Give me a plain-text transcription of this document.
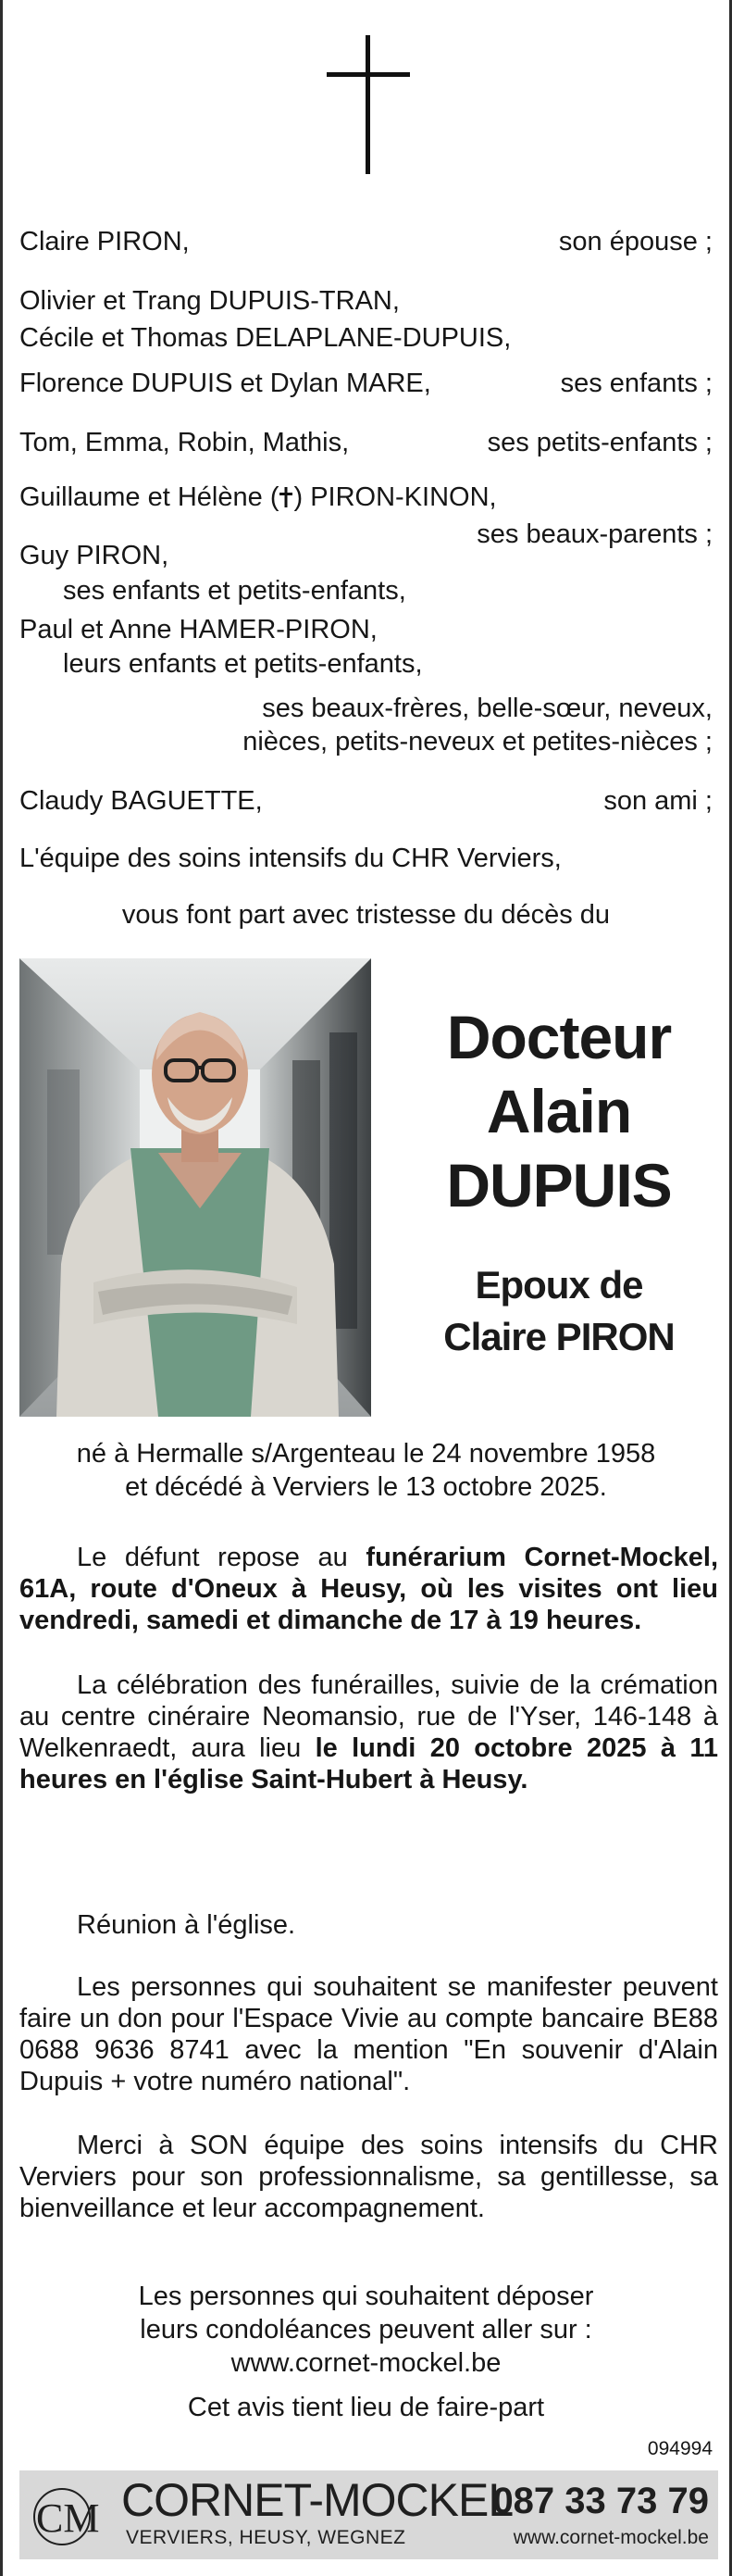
Claire PIRON,	son épouse ;
Olivier et Trang DUPUIS-TRAN,
Cécile et Thomas DELAPLANE-DUPUIS,
Florence DUPUIS et Dylan MARE,	ses enfants ;
Tom, Emma, Robin, Mathis,	ses petits-enfants ;
Guillaume et Hélène ( ) PIRON-KINON,
ses beaux-parents ;
Guy PIRON,
ses enfants et petits-enfants,
Paul et Anne HAMER-PIRON,
leurs enfants et petits-enfants,
ses beaux-frères, belle-sœur, neveux,
nièces, petits-neveux et petites-nièces ;
Claudy BAGUETTE,	son ami ;
L'équipe des soins intensifs du CHR Verviers,
vous font part avec tristesse du décès du
Docteur
Alain
DUPUIS
Epoux de
Claire PIRON
né à Hermalle s/Argenteau le 24 novembre 1958
et décédé à Verviers le 13 octobre 2025.
Le défunt repose au funérarium Cornet-Mockel, 61A, route d'Oneux à Heusy, où les visites ont lieu vendredi, samedi et dimanche de 17 à 19 heures.
La célébration des funérailles, suivie de la crémation au centre cinéraire Neomansio, rue de l'Yser, 146-148 à Welkenraedt, aura lieu le lundi 20 octobre 2025 à 11 heures en l'église Saint-Hubert à Heusy.
Réunion à l'église.
Les personnes qui souhaitent se manifester peuvent faire un don pour l'Espace Vivie au compte bancaire BE88 0688 9636 8741 avec la mention "En souvenir d'Alain Dupuis + votre numéro national".
Merci à SON équipe des soins intensifs du CHR Verviers pour son professionnalisme, sa gentillesse, sa bienveillance et leur accompagnement.
Les personnes qui souhaitent déposer
leurs condoléances peuvent aller sur :
www.cornet-mockel.be
Cet avis tient lieu de faire-part
094994
CM CORNET-MOCKEL
VERVIERS, HEUSY, WEGNEZ
087 33 73 79
www.cornet-mockel.be
